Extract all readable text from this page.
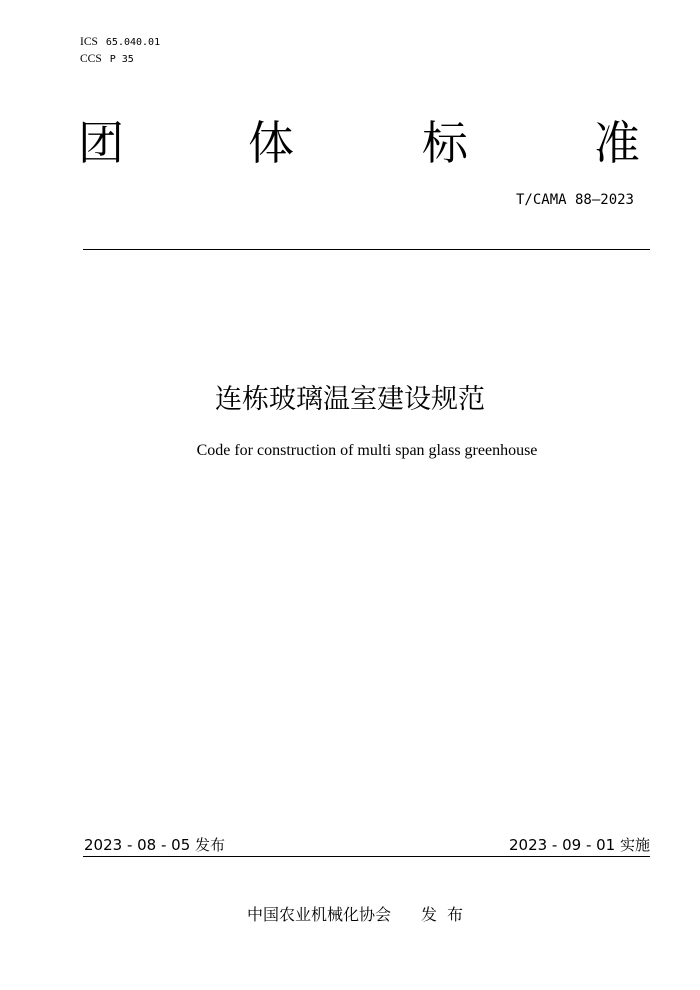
ICS 65.040.01
CCS P 35
团	体	标	准
T/CAMA 88—2023
连栋玻璃温室建设规范
Code for construction of multi span glass greenhouse
2023 - 08 - 05 发布	2023 - 09 - 01 实施
中国农业机械化协会 发布
